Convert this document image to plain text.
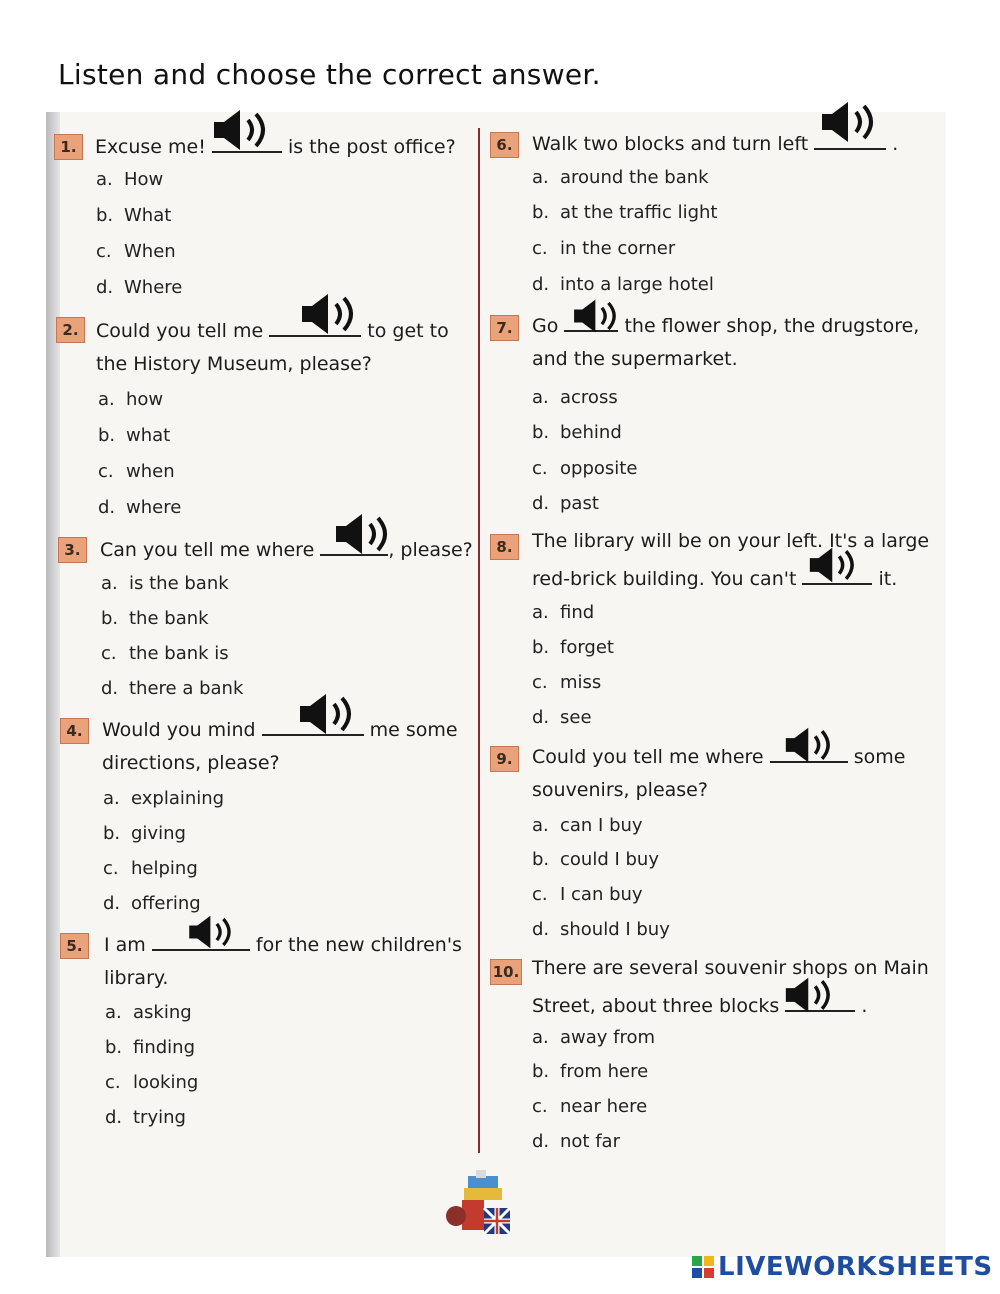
Listen and choose the correct answer.
1. Excuse me!	is the post office?
a. How
b. What
c. When
d. Where
2. Could you tell me	to get to
the History Museum, please?
a. how
b. what
c. when
d. where
3.	Can you tell me where	, please?
a. is the bank
b. the bank
c. the bank is
d. there a bank
4.	Would you mind	me some
directions, please?
a. explaining
b. giving
c. helping
d. offering
5.	I am	for the new children's
library.
a. asking
b. finding
c. looking
d. trying
6.	Walk two blocks and turn left	.
a. around the bank
b. at the traffic light
c. in the corner
d. into a large hotel
7.	Go	the flower shop, the drugstore,
and the supermarket.
a. across
b. behind
c. opposite
d. past
8.	The library will be on your left. It's a large
red-brick building. You can't	it.
a. find
b. forget
c. miss
d. see
9.	Could you tell me where	some
souvenirs, please?
a. can I buy
b. could I buy
c. I can buy
d. should I buy
10. There are several souvenir shops on Main
Street, about three blocks	.
a. away from
b. from here
c. near here
d. not far
LIVEWORKSHEETS
